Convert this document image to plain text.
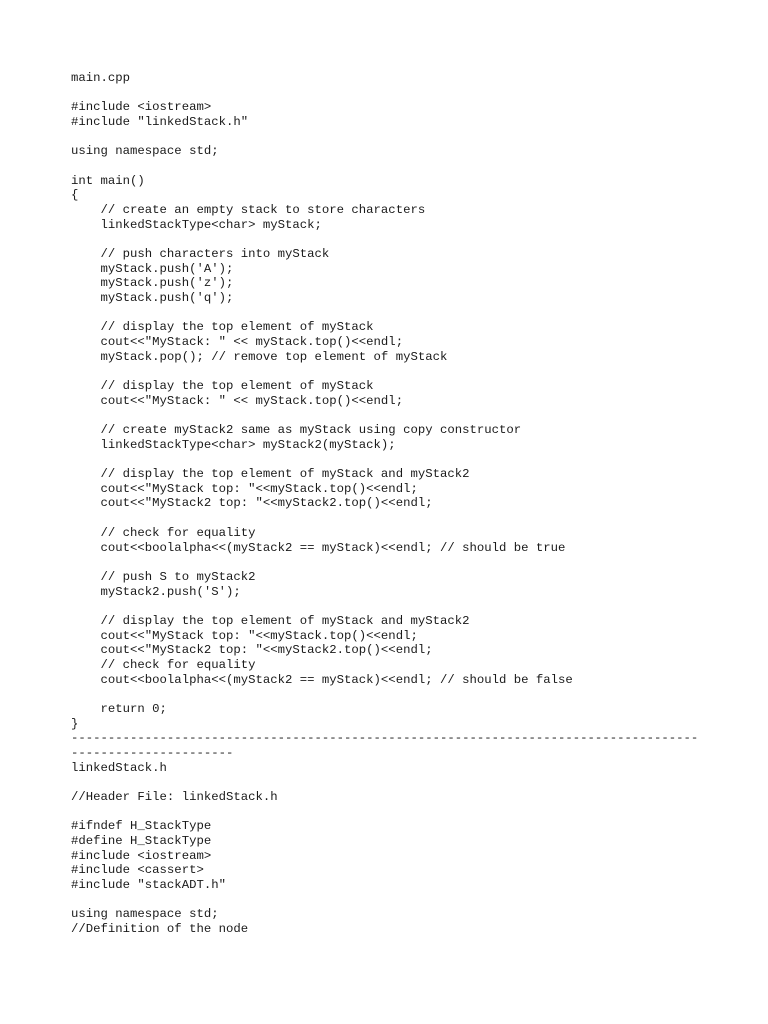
main.cpp
#include <iostream>
#include "linkedStack.h"
using namespace std;
int main()
{
// create an empty stack to store characters
linkedStackType<char> myStack;
// push characters into myStack
myStack.push('A');
myStack.push('z');
myStack.push('q');
// display the top element of myStack
cout<<"MyStack: " << myStack.top()<<endl;
myStack.pop(); // remove top element of myStack
// display the top element of myStack
cout<<"MyStack: " << myStack.top()<<endl;
// create myStack2 same as myStack using copy constructor
linkedStackType<char> myStack2(myStack);
// display the top element of myStack and myStack2
cout<<"MyStack top: "<<myStack.top()<<endl;
cout<<"MyStack2 top: "<<myStack2.top()<<endl;
// check for equality
cout<<boolalpha<<(myStack2 == myStack)<<endl; // should be true
// push S to myStack2
myStack2.push('S');
// display the top element of myStack and myStack2
cout<<"MyStack top: "<<myStack.top()<<endl;
cout<<"MyStack2 top: "<<myStack2.top()<<endl;
// check for equality
cout<<boolalpha<<(myStack2 == myStack)<<endl; // should be false
return 0;
}
-------------------------------------------------------------------------------------
----------------------
linkedStack.h
//Header File: linkedStack.h
#ifndef H_StackType
#define H_StackType
#include <iostream>
#include <cassert>
#include "stackADT.h"
using namespace std;
//Definition of the node
